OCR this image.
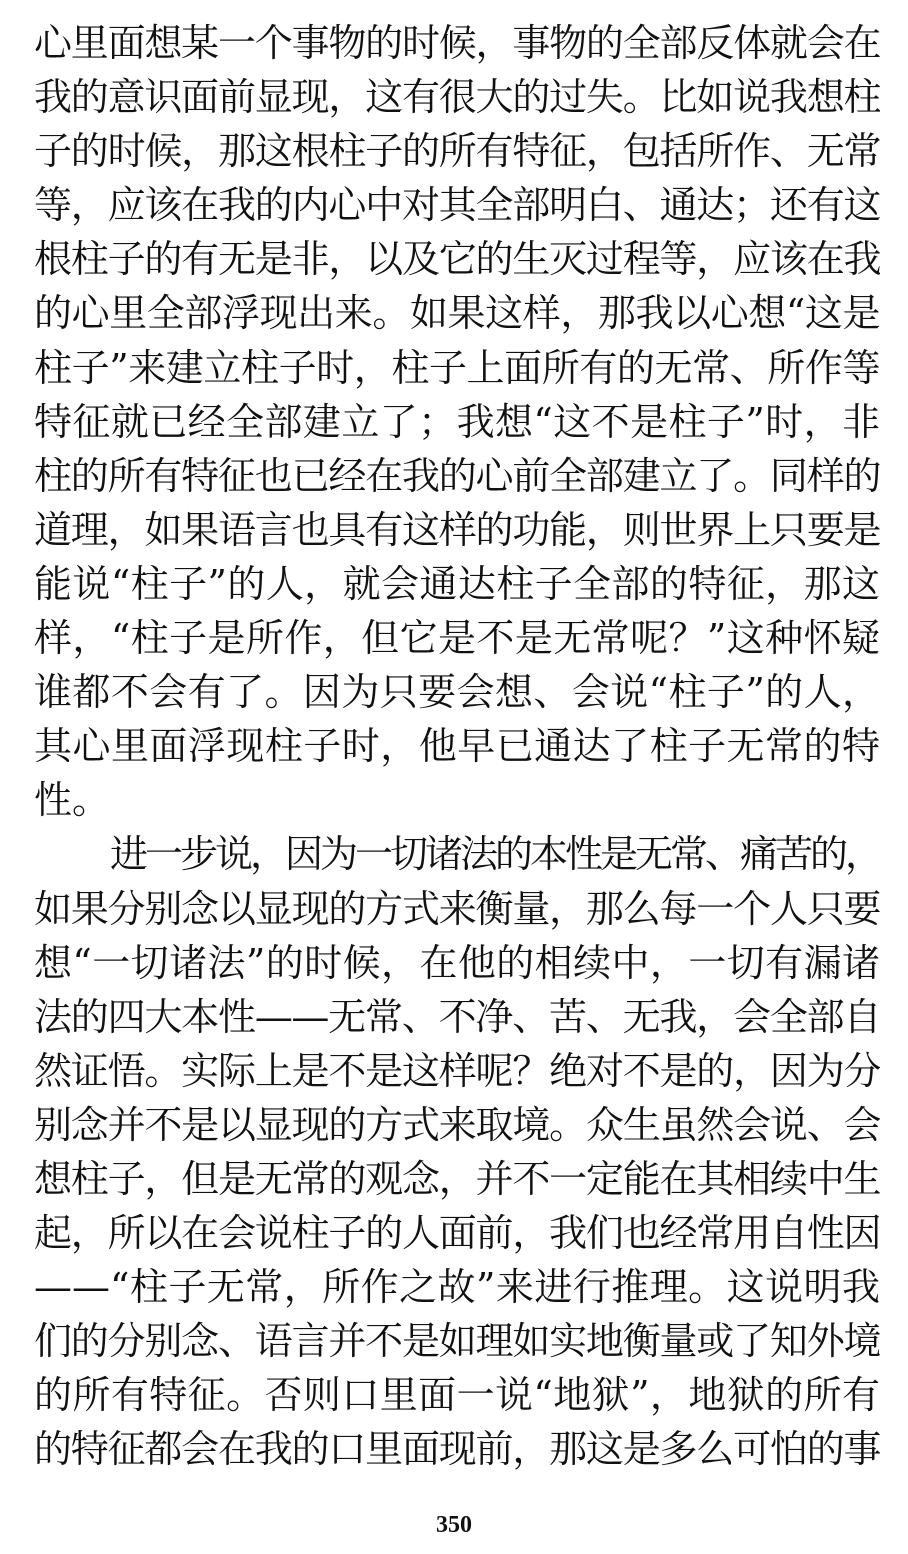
心里面想某一个事物的时候，事物的全部反体就会在
我的意识面前显现，这有很大的过失。比如说我想柱
子的时候，那这根柱子的所有特征，包括所作、无常
等，应该在我的内心中对其全部明白、通达；还有这
根柱子的有无是非，以及它的生灭过程等，应该在我
的心里全部浮现出来。如果这样，那我以心想“这是
柱子”来建立柱子时，柱子上面所有的无常、所作等
特征就已经全部建立了；我想“这不是柱子”时，非
柱的所有特征也已经在我的心前全部建立了。同样的
道理，如果语言也具有这样的功能，则世界上只要是
能说“柱子”的人，就会通达柱子全部的特征，那这
样，“柱子是所作，但它是不是无常呢？”这种怀疑
谁都不会有了。因为只要会想、会说“柱子”的人，
其心里面浮现柱子时，他早已通达了柱子无常的特
性。
进一步说，因为一切诸法的本性是无常、痛苦的，
如果分别念以显现的方式来衡量，那么每一个人只要
想“一切诸法”的时候，在他的相续中，一切有漏诸
法的四大本性——无常、不净、苦、无我，会全部自
然证悟。实际上是不是这样呢？绝对不是的，因为分
别念并不是以显现的方式来取境。众生虽然会说、会
想柱子，但是无常的观念，并不一定能在其相续中生
起，所以在会说柱子的人面前，我们也经常用自性因
——“柱子无常，所作之故”来进行推理。这说明我
们的分别念、语言并不是如理如实地衡量或了知外境
的所有特征。否则口里面一说“地狱”，地狱的所有
的特征都会在我的口里面现前，那这是多么可怕的事
350
